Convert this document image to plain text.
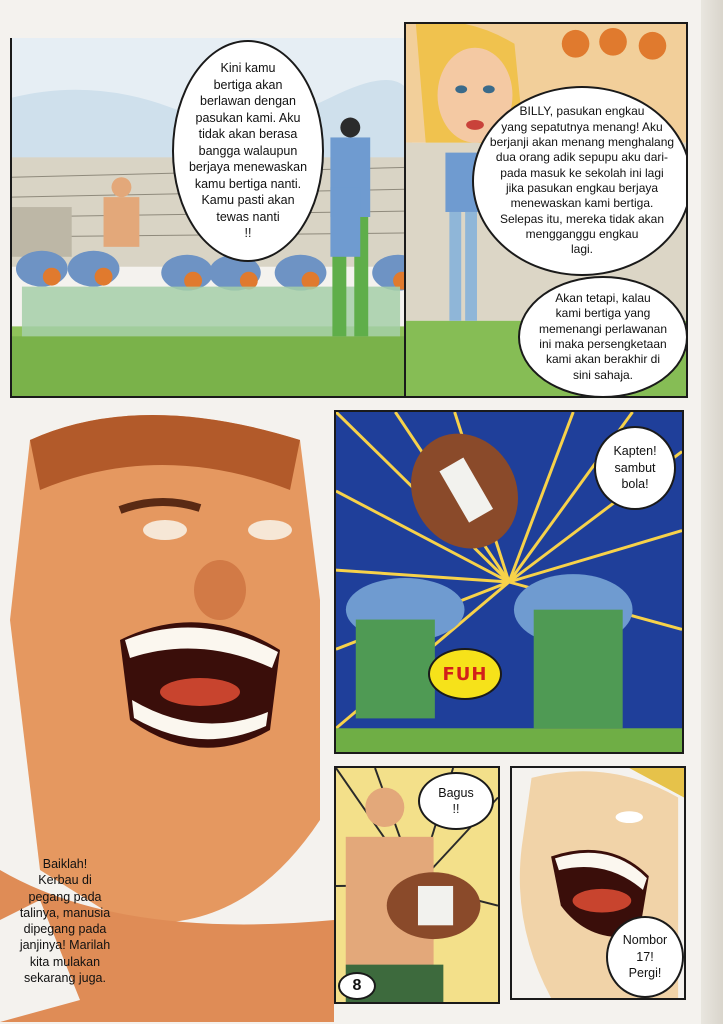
Kini kamu
bertiga akan
berlawan dengan
pasukan kami. Aku
tidak akan berasa
bangga walaupun
berjaya menewaskan
kamu bertiga nanti.
Kamu pasti akan
tewas nanti
!!
BILLY, pasukan engkau
yang sepatutnya menang! Aku
berjanji akan menang menghalang
dua orang adik sepupu aku dari-
pada masuk ke sekolah ini lagi
jika pasukan engkau berjaya
menewaskan kami bertiga.
Selepas itu, mereka tidak akan
mengganggu engkau
lagi.
Akan tetapi, kalau
kami bertiga yang
memenangi perlawanan
ini maka persengketaan
kami akan berakhir di
sini sahaja.
Baiklah!
Kerbau di
pegang pada
talinya, manusia
dipegang pada
janjinya! Marilah
kita mulakan
sekarang juga.
Kapten!
sambut
bola!
FUH
Bagus
!!
Nombor
17!
Pergi!
8
